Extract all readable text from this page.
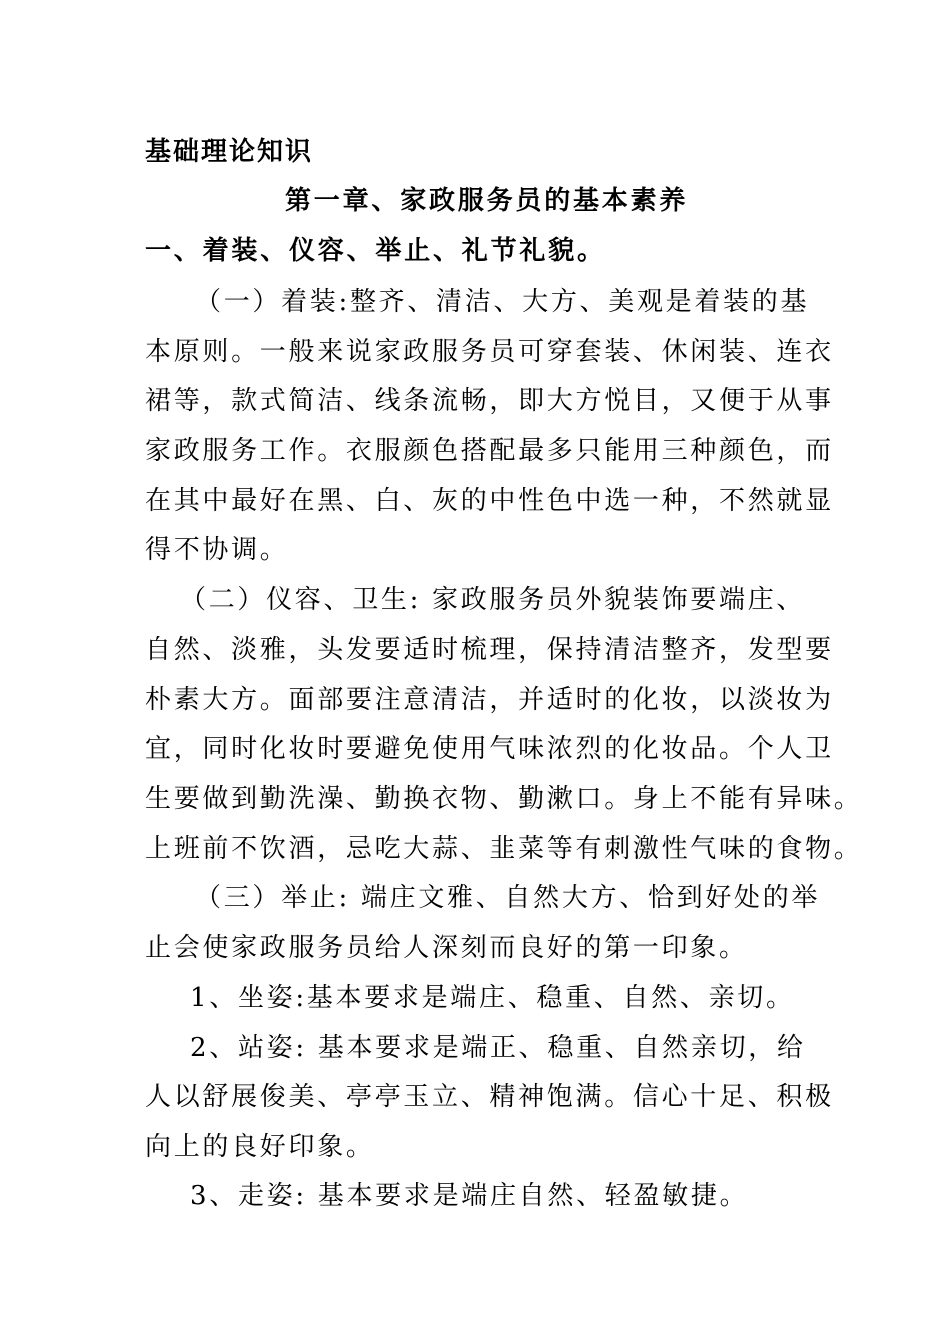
基础理论知识
第一章、家政服务员的基本素养
一、着装、仪容、举止、礼节礼貌。
（一）着装:整齐、清洁、大方、美观是着装的基
本原则。一般来说家政服务员可穿套装、休闲装、连衣
裙等，款式简洁、线条流畅，即大方悦目，又便于从事
家政服务工作。衣服颜色搭配最多只能用三种颜色，而
在其中最好在黑、白、灰的中性色中选一种，不然就显
得不协调。
（二）仪容、卫生: 家政服务员外貌装饰要端庄、
自然、淡雅，头发要适时梳理，保持清洁整齐，发型要
朴素大方。面部要注意清洁，并适时的化妆，以淡妆为
宜，同时化妆时要避免使用气味浓烈的化妆品。个人卫
生要做到勤洗澡、勤换衣物、勤漱口。身上不能有异味。
上班前不饮酒，忌吃大蒜、韭菜等有刺激性气味的食物。
（三）举止: 端庄文雅、自然大方、恰到好处的举
止会使家政服务员给人深刻而良好的第一印象。
1、坐姿:基本要求是端庄、稳重、自然、亲切。
2、站姿: 基本要求是端正、稳重、自然亲切，给
人以舒展俊美、亭亭玉立、精神饱满。信心十足、积极
向上的良好印象。
3、走姿: 基本要求是端庄自然、轻盈敏捷。
